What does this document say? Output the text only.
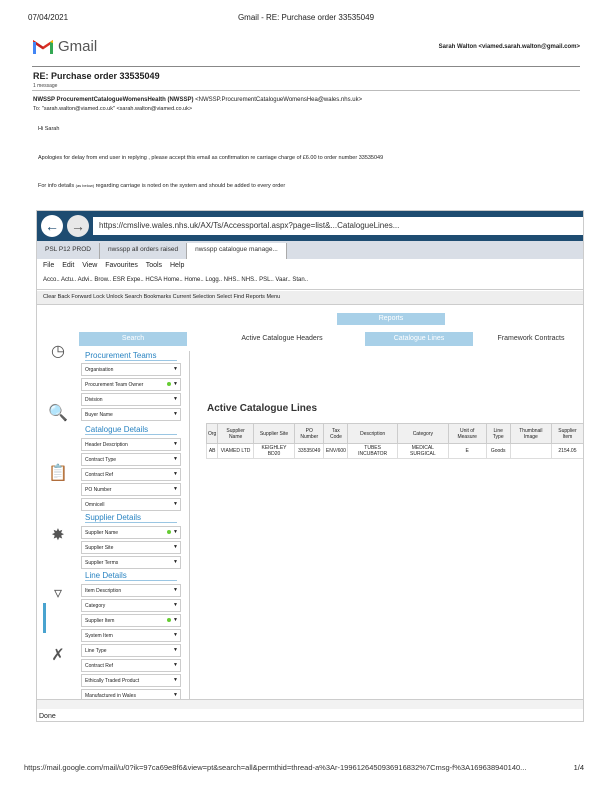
07/04/2021	Gmail - RE: Purchase order 33535049
Gmail	Sarah Walton <viamed.sarah.walton@gmail.com>
RE: Purchase order 33535049
1 message
NWSSP ProcurementCatalogueWomensHealth (NWSSP) <NWSSP.ProcurementCatalogueWomensHea@wales.nhs.uk>
To: "sarah.walton@viamed.co.uk" <sarah.walton@viamed.co.uk>
Hi Sarah
Apologies for delay from end user in replying , please accept this email as confirmation re carriage charge of £6.00 to order number 33535049
For info details (as below) regarding carriage is noted on the system and should be added to every order
← →	https://cmslive.wales.nhs.uk/AX/Ts/Accessportal.aspx?page=list&...CatalogueLines...
PSL P12 PROD	nwsspp all orders raised	nwsspp catalogue manage...
File Edit View Favourites Tools Help
Acco.. Actu.. Advi.. Brow.. ESR Expe.. HCSA Home.. Home.. Logg.. NHS.. NHS.. PSL.. Vaar.. Stan..
Clear Back Forward Lock Unlock Search Bookmarks Current Selection Select Find Reports Menu
Reports
Search	Active Catalogue Headers	Catalogue Lines	Framework Contracts
◷
🔍
📋
✸
▿
✗
Procurement Teams
Organisation	▼
Procurement Team Owner	▼
Division	▼
Buyer Name	▼
Catalogue Details
Header Description	▼
Contract Type	▼
Contract Ref	▼
PO Number	▼
Omnicell	▼
Supplier Details
Supplier Name	▼
Supplier Site	▼
Supplier Terms	▼
Line Details
Item Description	▼
Category	▼
Supplier Item	▼
System Item	▼
Line Type	▼
Contract Ref	▼
Ethically Traded Product	▼
Manufactured in Wales	▼
Active Catalogue Lines
Org	Supplier Name	Supplier Site	PO Number	Tax Code	Description	Category	Unit of Measure	Line Type	Thumbnail Image	Supplier Item
AB	VIAMED LTD	KEIGHLEY BD20	33535049	ENV/600	TUBES INCUBATOR	MEDICAL SURGICAL	E	Goods		2154.05
Done
https://mail.google.com/mail/u/0?ik=97ca69e8f6&view=pt&search=all&permthid=thread-a%3Ar-1996126450936916832%7Cmsg-f%3A169638940140...	1/4
